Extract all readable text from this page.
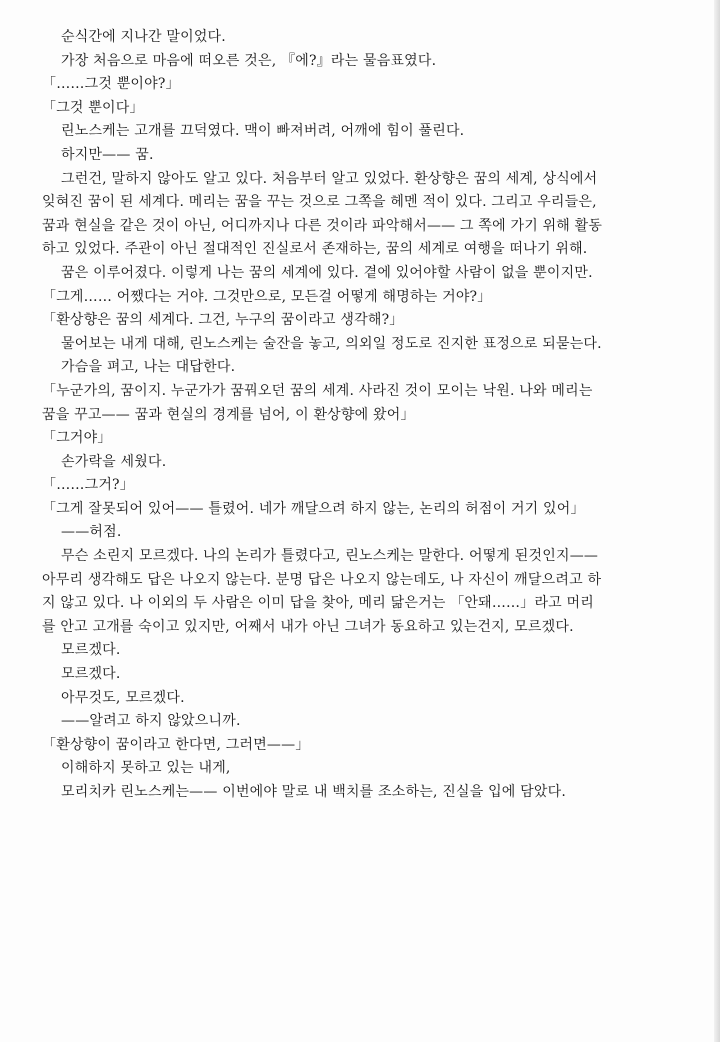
순식간에 지나간 말이었다.
가장 처음으로 마음에 떠오른 것은, 『에?』라는 물음표였다.
「……그것 뿐이야?」
「그것 뿐이다」
린노스케는 고개를 끄덕였다. 맥이 빠져버려, 어깨에 힘이 풀린다.
하지만—— 꿈.
그런건, 말하지 않아도 알고 있다. 처음부터 알고 있었다. 환상향은 꿈의 세계, 상식에서
잊혀진 꿈이 된 세계다. 메리는 꿈을 꾸는 것으로 그쪽을 헤멘 적이 있다. 그리고 우리들은,
꿈과 현실을 같은 것이 아닌, 어디까지나 다른 것이라 파악해서—— 그 쪽에 가기 위해 활동
하고 있었다. 주관이 아닌 절대적인 진실로서 존재하는, 꿈의 세계로 여행을 떠나기 위해.
꿈은 이루어졌다. 이렇게 나는 꿈의 세계에 있다. 곁에 있어야할 사람이 없을 뿐이지만.
「그게…… 어쨌다는 거야. 그것만으로, 모든걸 어떻게 해명하는 거야?」
「환상향은 꿈의 세계다. 그건, 누구의 꿈이라고 생각해?」
물어보는 내게 대해, 린노스케는 술잔을 놓고, 의외일 정도로 진지한 표정으로 되묻는다.
가슴을 펴고, 나는 대답한다.
「누군가의, 꿈이지. 누군가가 꿈꿔오던 꿈의 세계. 사라진 것이 모이는 낙원. 나와 메리는
꿈을 꾸고—— 꿈과 현실의 경계를 넘어, 이 환상향에 왔어」
「그거야」
손가락을 세웠다.
「……그거?」
「그게 잘못되어 있어—— 틀렸어. 네가 깨달으려 하지 않는, 논리의 허점이 거기 있어」
——허점.
무슨 소린지 모르겠다. 나의 논리가 틀렸다고, 린노스케는 말한다. 어떻게 된것인지——
아무리 생각해도 답은 나오지 않는다. 분명 답은 나오지 않는데도, 나 자신이 깨달으려고 하
지 않고 있다. 나 이외의 두 사람은 이미 답을 찾아, 메리 닮은거는 「안돼……」라고 머리
를 안고 고개를 숙이고 있지만, 어째서 내가 아닌 그녀가 동요하고 있는건지, 모르겠다.
모르겠다.
모르겠다.
아무것도, 모르겠다.
——알려고 하지 않았으니까.
「환상향이 꿈이라고 한다면, 그러면——」
이해하지 못하고 있는 내게,
모리치카 린노스케는—— 이번에야 말로 내 백치를 조소하는, 진실을 입에 담았다.
